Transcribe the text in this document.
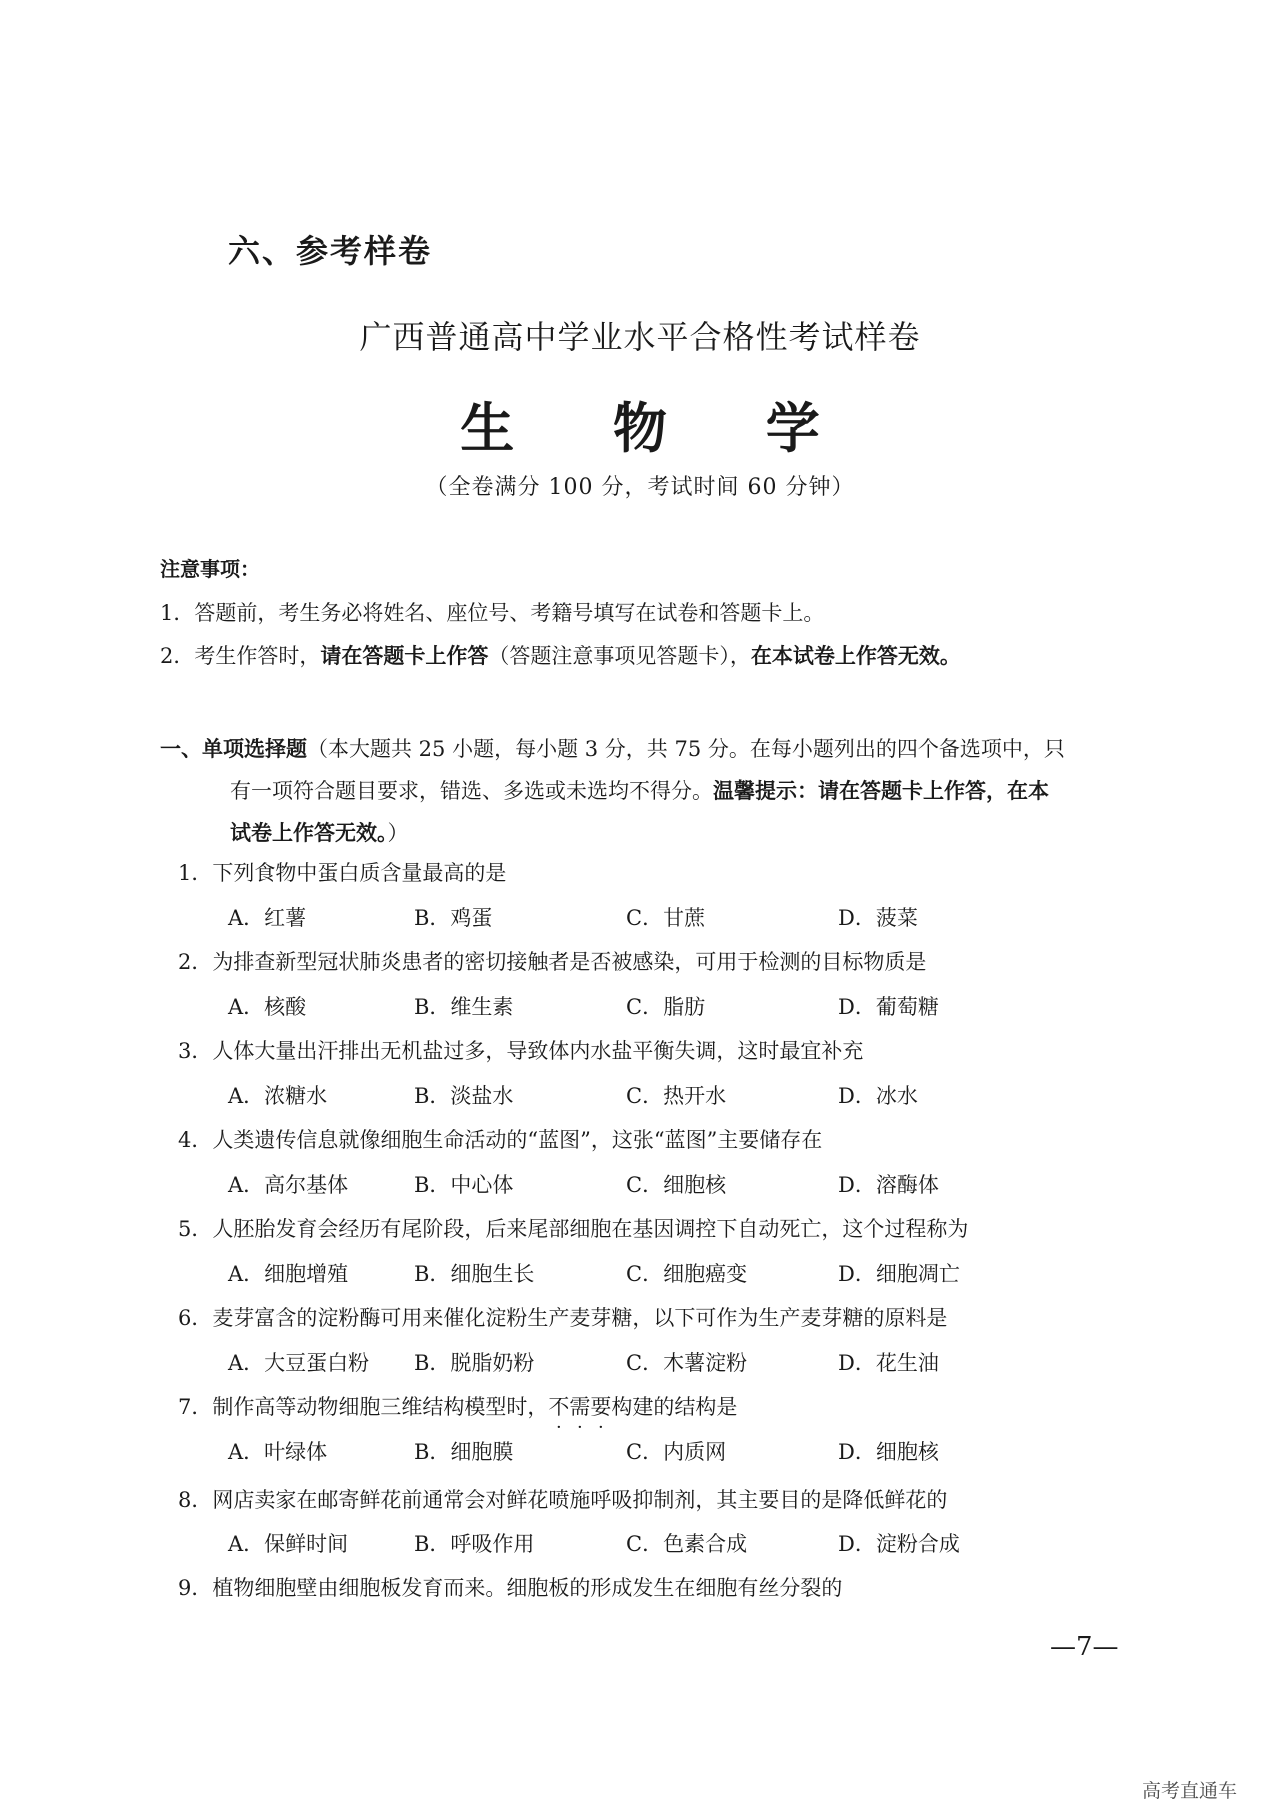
六、参考样卷
广西普通高中学业水平合格性考试样卷
生 物 学
（全卷满分 100 分，考试时间 60 分钟）
注意事项：
1．答题前，考生务必将姓名、座位号、考籍号填写在试卷和答题卡上。
2．考生作答时，请在答题卡上作答（答题注意事项见答题卡），在本试卷上作答无效。
一、单项选择题（本大题共 25 小题，每小题 3 分，共 75 分。在每小题列出的四个备选项中，只
有一项符合题目要求，错选、多选或未选均不得分。温馨提示：请在答题卡上作答，在本
试卷上作答无效。）
1．下列食物中蛋白质含量最高的是
A．红薯	B．鸡蛋	C．甘蔗	D．菠菜
2．为排查新型冠状肺炎患者的密切接触者是否被感染，可用于检测的目标物质是
A．核酸	B．维生素	C．脂肪	D．葡萄糖
3．人体大量出汗排出无机盐过多，导致体内水盐平衡失调，这时最宜补充
A．浓糖水	B．淡盐水	C．热开水	D．冰水
4．人类遗传信息就像细胞生命活动的“蓝图”，这张“蓝图”主要储存在
A．高尔基体	B．中心体	C．细胞核	D．溶酶体
5．人胚胎发育会经历有尾阶段，后来尾部细胞在基因调控下自动死亡，这个过程称为
A．细胞增殖	B．细胞生长	C．细胞癌变	D．细胞凋亡
6．麦芽富含的淀粉酶可用来催化淀粉生产麦芽糖，以下可作为生产麦芽糖的原料是
A．大豆蛋白粉 B．脱脂奶粉	C．木薯淀粉	D．花生油
7．制作高等动物细胞三维结构模型时，不需要构建的结构是
A．叶绿体	B．细胞膜	C．内质网	D．细胞核
8．网店卖家在邮寄鲜花前通常会对鲜花喷施呼吸抑制剂，其主要目的是降低鲜花的
A．保鲜时间	B．呼吸作用	C．色素合成	D．淀粉合成
9．植物细胞壁由细胞板发育而来。细胞板的形成发生在细胞有丝分裂的
—7—
高考直通车
